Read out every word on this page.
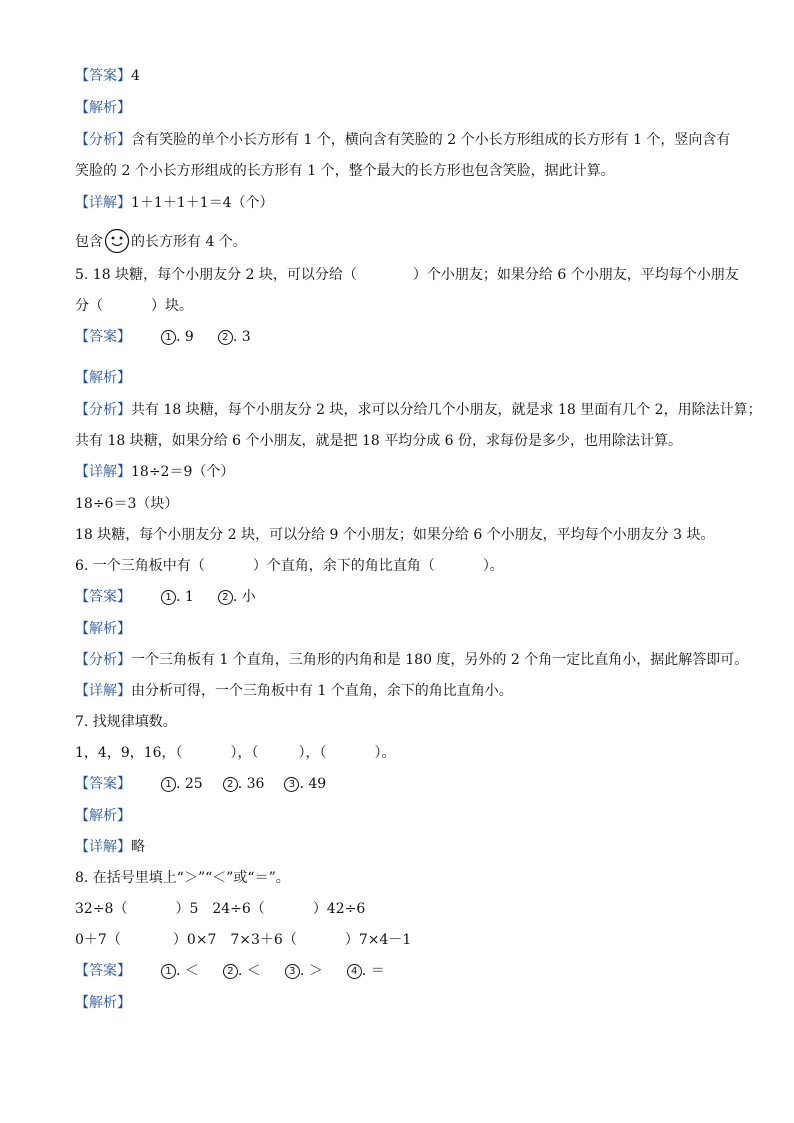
【答案】4
【解析】
【分析】含有笑脸的单个小长方形有 1 个，横向含有笑脸的 2 个小长方形组成的长方形有 1 个，竖向含有
笑脸的 2 个小长方形组成的长方形有 1 个，整个最大的长方形也包含笑脸，据此计算。
【详解】1＋1＋1＋1＝4（个）
包含 的长方形有 4 个。
5. 18 块糖，每个小朋友分 2 块，可以分给（	）个小朋友；如果分给 6 个小朋友，平均每个小朋友
分（	）块。
【答案】	1 . 9	2 . 3
【解析】
【分析】共有 18 块糖，每个小朋友分 2 块，求可以分给几个小朋友，就是求 18 里面有几个 2，用除法计算；
共有 18 块糖，如果分给 6 个小朋友，就是把 18 平均分成 6 份，求每份是多少，也用除法计算。
【详解】18÷2＝9（个）
18÷6＝3（块）
18 块糖，每个小朋友分 2 块，可以分给 9 个小朋友；如果分给 6 个小朋友，平均每个小朋友分 3 块。
6. 一个三角板中有（	）个直角，余下的角比直角（	）。
【答案】	1 . 1	2 . 小
【解析】
【分析】一个三角板有 1 个直角，三角形的内角和是 180 度，另外的 2 个角一定比直角小，据此解答即可。
【详解】由分析可得，一个三角板中有 1 个直角，余下的角比直角小。
7. 找规律填数。
1，4，9，16，（	），（	），（	）。
【答案】	1 . 25 2 . 36 3 . 49
【解析】
【详解】略
8. 在括号里填上“＞”“＜”或“＝”。
32÷8（	）5　24÷6（	）42÷6
0＋7（	）0×7　7×3＋6（	）7×4－1
【答案】	1 . ＜	2 . ＜	3 . ＞	4 . ＝
【解析】
